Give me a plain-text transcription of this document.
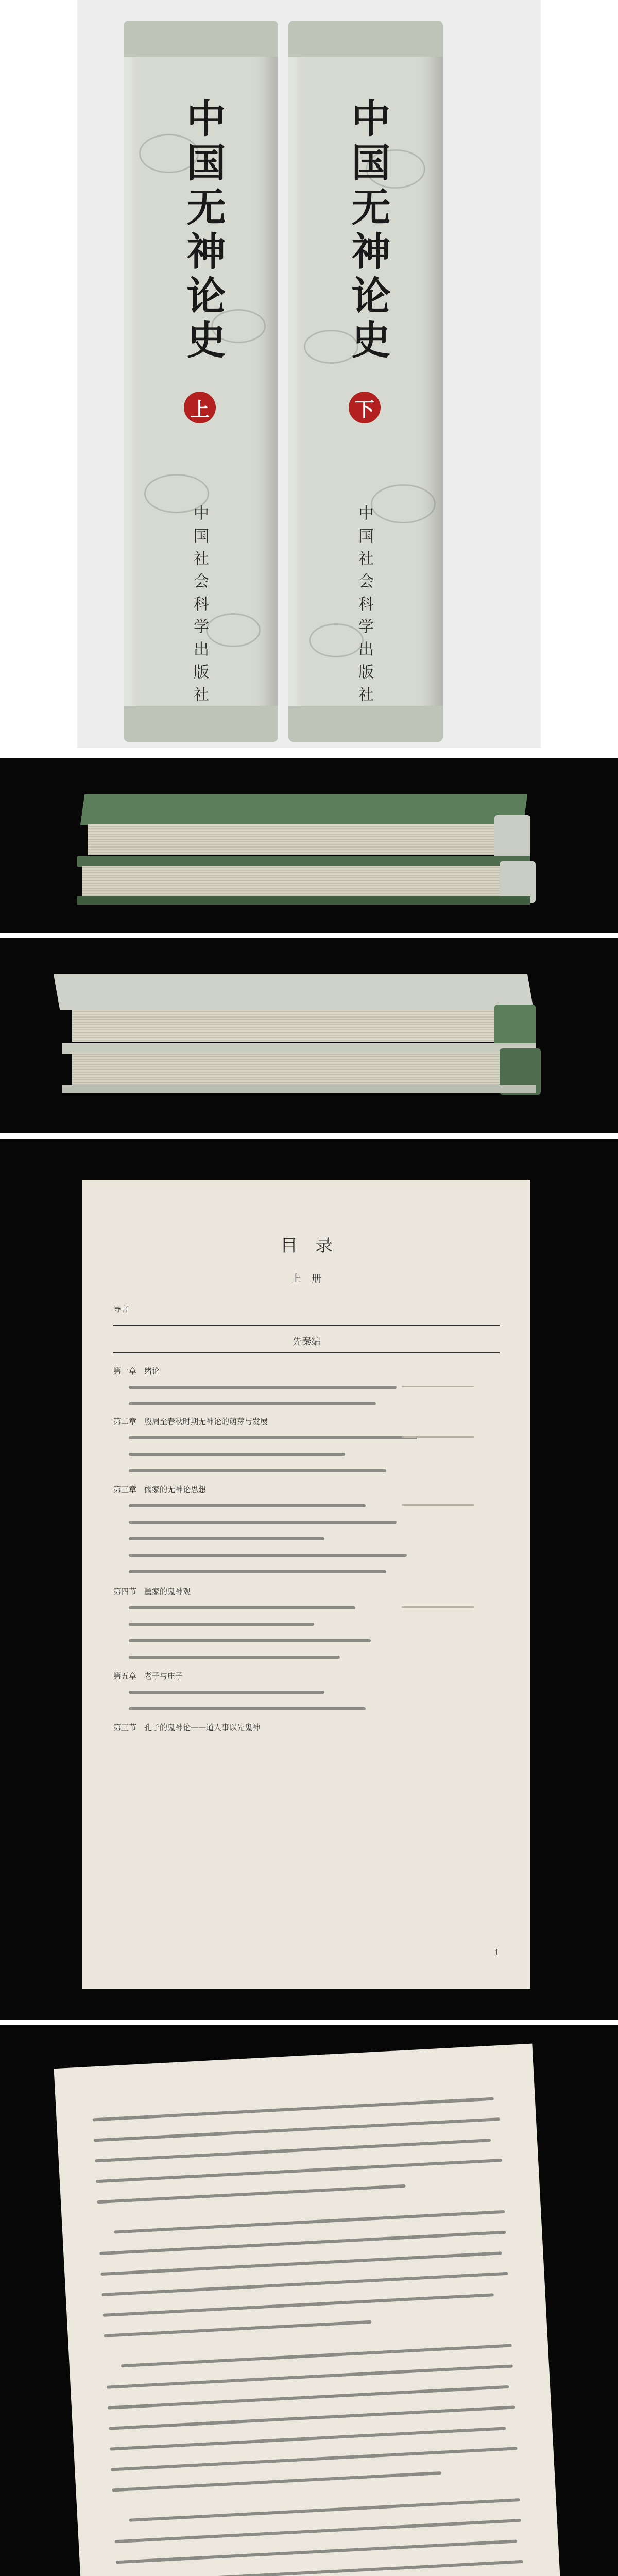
中国无神论史
上
中国社会科学出版社
中国无神论史
下
中国社会科学出版社
目　录
上　册
导言
先秦编
第一章　绪论
第二章　殷周至春秋时期无神论的萌芽与发展
第三章　儒家的无神论思想
第四节　墨家的鬼神观
第五章　老子与庄子
第三节　孔子的鬼神论——道人事以先鬼神
1
